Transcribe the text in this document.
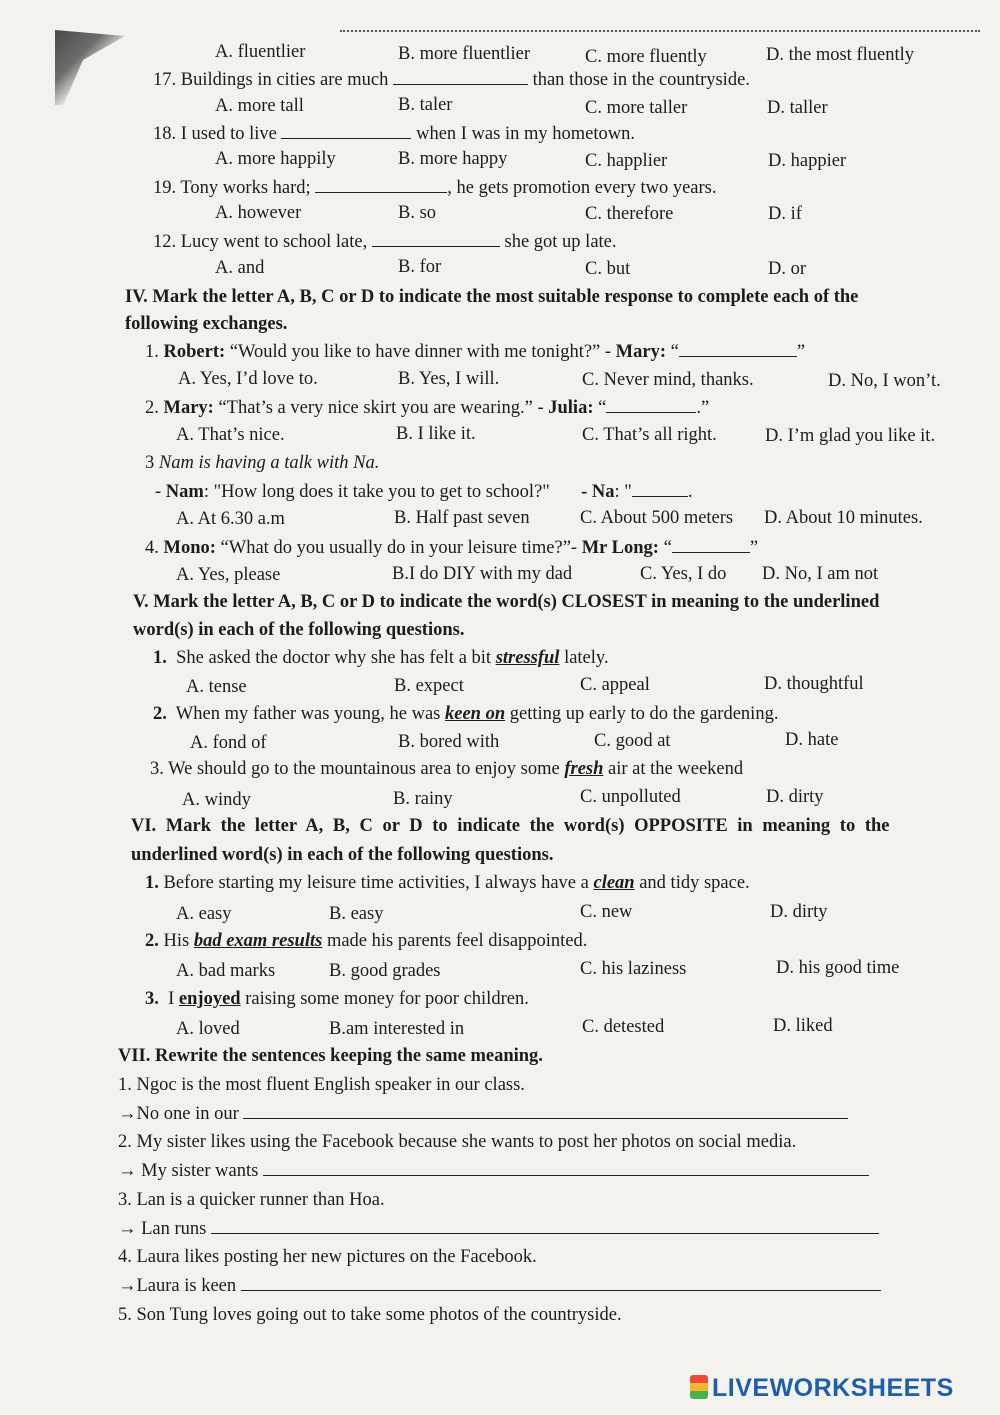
A. fluentlier	B. more fluentlier	C. more fluently	D. the most fluently
17. Buildings in cities are much	than those in the countryside.
A. more tall	B. taler	C. more taller	D. taller
18. I used to live	when I was in my hometown.
A. more happily	B. more happy	C. happlier	D. happier
19. Tony works hard;	, he gets promotion every two years.
A. however	B. so	C. therefore	D. if
12. Lucy went to school late,	she got up late.
A. and	B. for	C. but	D. or
IV. Mark the letter A, B, C or D to indicate the most suitable response to complete each of the
following exchanges.
1. Robert: “Would you like to have dinner with me tonight?” - Mary: “	”
A. Yes, I’d love to.	B. Yes, I will.	C. Never mind, thanks.	D. No, I won’t.
2. Mary: “That’s a very nice skirt you are wearing.” - Julia: “	.”
A. That’s nice.	B. I like it.	C. That’s all right.	D. I’m glad you like it.
3 Nam is having a talk with Na.
- Nam: "How long does it take you to get to school?" - Na: "	.
A. At 6.30 a.m	B. Half past seven	C. About 500 meters D. About 10 minutes.
4. Mono: “What do you usually do in your leisure time?”- Mr Long: “	”
A. Yes, please	B.I do DIY with my dad	C. Yes, I do D. No, I am not
V. Mark the letter A, B, C or D to indicate the word(s) CLOSEST in meaning to the underlined
word(s) in each of the following questions.
1. She asked the doctor why she has felt a bit stressful lately.
A. tense	B. expect	C. appeal	D. thoughtful
2. When my father was young, he was keen on getting up early to do the gardening.
A. fond of	B. bored with	C. good at	D. hate
3. We should go to the mountainous area to enjoy some fresh air at the weekend
A. windy	B. rainy	C. unpolluted	D. dirty
VI. Mark the letter A, B, C or D to indicate the word(s) OPPOSITE in meaning to the
underlined word(s) in each of the following questions.
1. Before starting my leisure time activities, I always have a clean and tidy space.
A. easy	B. easy	C. new	D. dirty
2. His bad exam results made his parents feel disappointed.
A. bad marks	B. good grades	C. his laziness	D. his good time
3. I enjoyed raising some money for poor children.
A. loved	B.am interested in	C. detested	D. liked
VII. Rewrite the sentences keeping the same meaning.
1. Ngoc is the most fluent English speaker in our class.
→No one in our
2. My sister likes using the Facebook because she wants to post her photos on social media.
→ My sister wants
3. Lan is a quicker runner than Hoa.
→ Lan runs
4. Laura likes posting her new pictures on the Facebook.
→Laura is keen
5. Son Tung loves going out to take some photos of the countryside.
LIVEWORKSHEETS
